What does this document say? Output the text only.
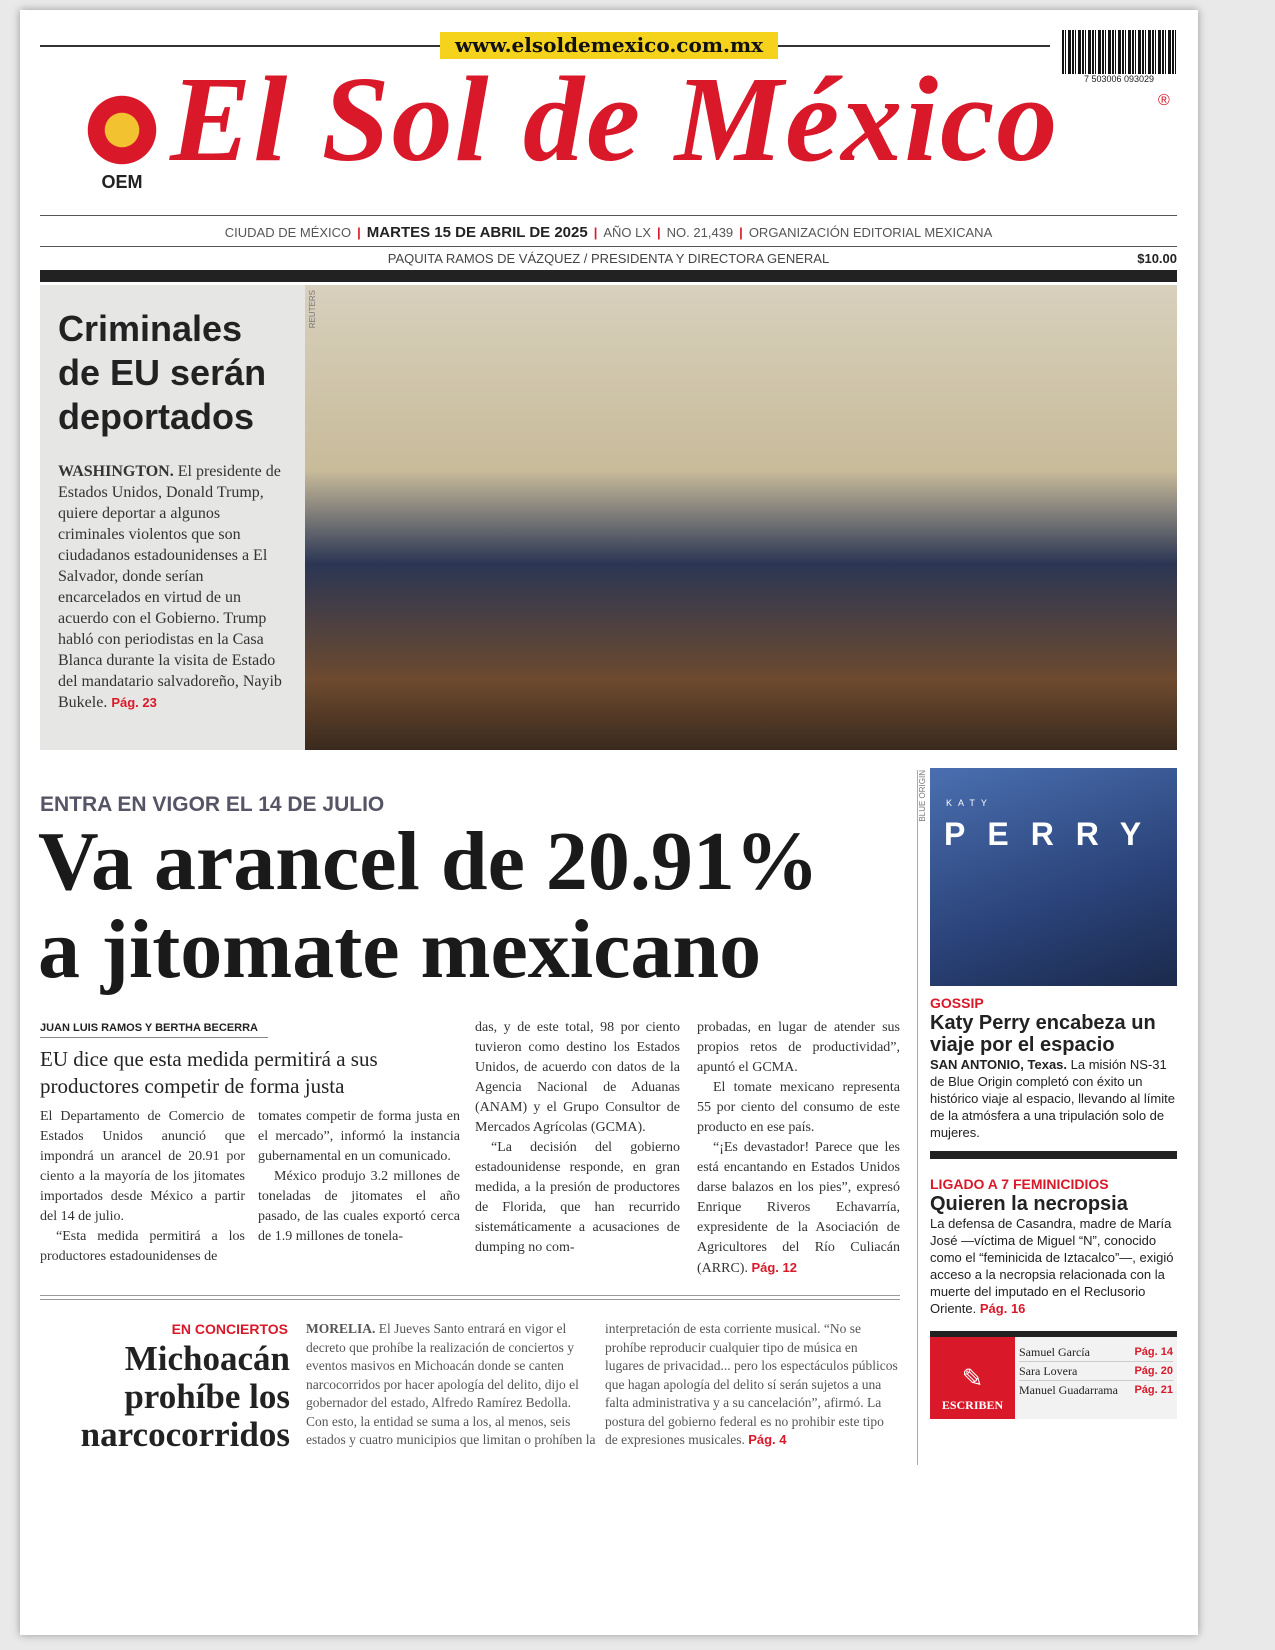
www.elsoldemexico.com.mx
7 503006 093029
OEM El Sol de México	®
CIUDAD DE MÉXICO | MARTES 15 DE ABRIL DE 2025 | AÑO LX | NO. 21,439 | ORGANIZACIÓN EDITORIAL MEXICANA
PAQUITA RAMOS DE VÁZQUEZ / PRESIDENTA Y DIRECTORA GENERAL	$10.00
Criminales de EU serán deportados
WASHINGTON. El presidente de Estados Unidos, Donald Trump, quiere deportar a algunos criminales violentos que son ciudadanos estadounidenses a El Salvador, donde serían encarcelados en virtud de un acuerdo con el Gobierno. Trump habló con periodistas en la Casa Blanca durante la visita de Estado del mandatario salvadoreño, Nayib Bukele. Pág. 23
REUTERS
ENTRA EN VIGOR EL 14 DE JULIO
Va arancel de 20.91%
a jitomate mexicano
JUAN LUIS RAMOS Y BERTHA BECERRA
EU dice que esta medida permitirá a sus productores competir de forma justa

El Departamento de Comercio de Estados Unidos anunció que impondrá un arancel de 20.91 por ciento a la mayoría de los jitomates importados desde México a partir del 14 de julio.

“Esta medida permitirá a los productores estadounidenses de

tomates competir de forma justa en el mercado”, informó la instancia gubernamental en un comunicado.

México produjo 3.2 millones de toneladas de jitomates el año pasado, de las cuales exportó cerca de 1.9 millones de tonela-

das, y de este total, 98 por ciento tuvieron como destino los Estados Unidos, de acuerdo con datos de la Agencia Nacional de Aduanas (ANAM) y el Grupo Consultor de Mercados Agrícolas (GCMA).

“La decisión del gobierno estadounidense responde, en gran medida, a la presión de productores de Florida, que han recurrido sistemáticamente a acusaciones de dumping no com-

probadas, en lugar de atender sus propios retos de productividad”, apuntó el GCMA.

El tomate mexicano representa 55 por ciento del consumo de este producto en ese país.

“¡Es devastador! Parece que les está encantando en Estados Unidos darse balazos en los pies”, expresó Enrique Riveros Echavarría, expresidente de la Asociación de Agricultores del Río Culiacán (ARRC). Pág. 12

EN CONCIERTOS
Michoacán prohíbe los narcocorridos
MORELIA. El Jueves Santo entrará en vigor el decreto que prohíbe la realización de conciertos y eventos masivos en Michoacán donde se canten narcocorridos por hacer apología del delito, dijo el gobernador del estado, Alfredo Ramírez Bedolla. Con esto, la entidad se suma a los, al menos, seis estados y cuatro municipios que limitan o prohíben la
interpretación de esta corriente musical. “No se prohíbe reproducir cualquier tipo de música en lugares de privacidad... pero los espectáculos públicos que hagan apología del delito sí serán sujetos a una falta administrativa y a su cancelación”, afirmó. La postura del gobierno federal es no prohibir este tipo de expresiones musicales. Pág. 4
KATY
PERRY
BLUE ORIGIN
GOSSIP
Katy Perry encabeza un viaje por el espacio

SAN ANTONIO, Texas. La misión NS-31 de Blue Origin completó con éxito un histórico viaje al espacio, llevando al límite de la atmósfera a una tripulación solo de mujeres.

LIGADO A 7 FEMINICIDIOS
Quieren la necropsia

La defensa de Casandra, madre de María José —víctima de Miguel “N”, conocido como el “feminicida de Iztacalco”—, exigió acceso a la necropsia relacionada con la muerte del imputado en el Reclusorio Oriente. Pág. 16

✎
ESCRIBEN
Samuel García	Pág. 14
Sara Lovera	Pág. 20
Manuel Guadarrama Pág. 21
